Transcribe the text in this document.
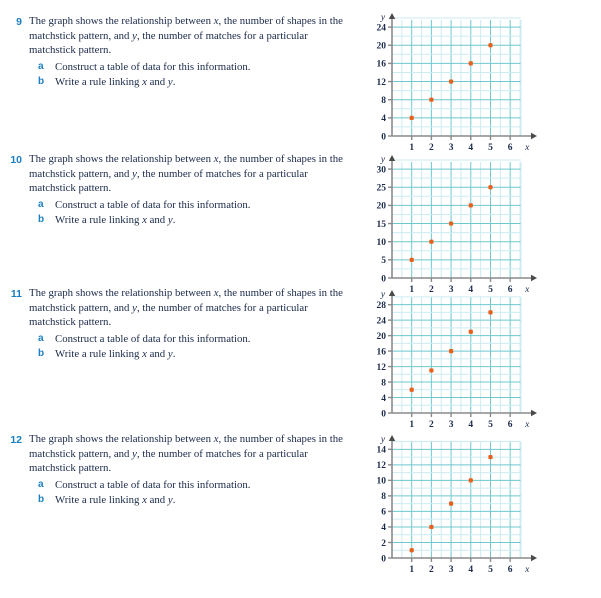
9 The graph shows the relationship between x, the number of shapes in the matchstick pattern, and y, the number of matches for a particular matchstick pattern.
a	Construct a table of data for this information.
b	Write a rule linking x and y.
10 The graph shows the relationship between x, the number of shapes in the matchstick pattern, and y, the number of matches for a particular matchstick pattern.
a	Construct a table of data for this information.
b	Write a rule linking x and y.
11 The graph shows the relationship between x, the number of shapes in the matchstick pattern, and y, the number of matches for a particular matchstick pattern.
a	Construct a table of data for this information.
b	Write a rule linking x and y.
12 The graph shows the relationship between x, the number of shapes in the matchstick pattern, and y, the number of matches for a particular matchstick pattern.
a	Construct a table of data for this information.
b	Write a rule linking x and y.
0
4
8
12
16
20
24
1 2 3 4 5 6
y
x
0
5
10
15
20
25
30
1 2 3 4 5 6
y
x
0
4
8
12
16
20
24
28
1 2 3 4 5 6
y
x
0
2
4
6
8
10
12
14
1 2 3 4 5 6
y
x
